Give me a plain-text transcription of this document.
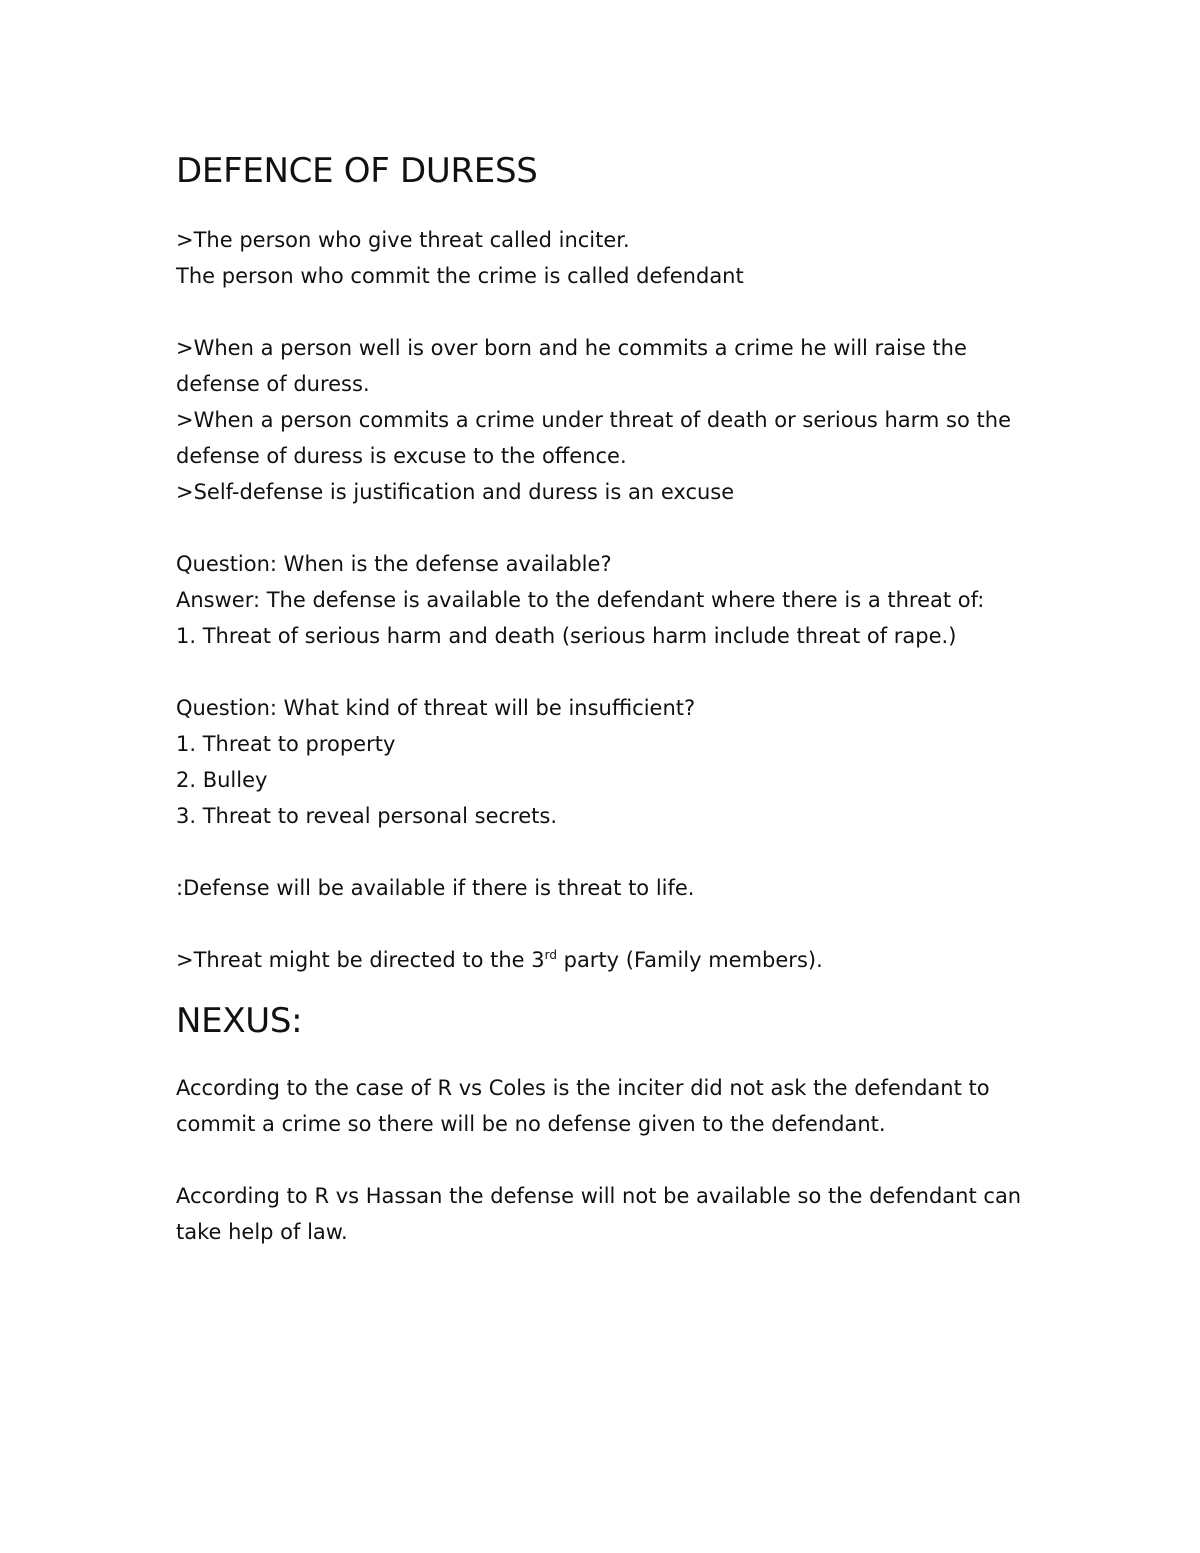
DEFENCE OF DURESS

>The person who give threat called inciter.

The person who commit the crime is called defendant

>When a person well is over born and he commits a crime he will raise the

defense of duress.

>When a person commits a crime under threat of death or serious harm so the

defense of duress is excuse to the offence.

>Self-defense is justification and duress is an excuse

Question: When is the defense available?

Answer: The defense is available to the defendant where there is a threat of:

1. Threat of serious harm and death (serious harm include threat of rape.)

Question: What kind of threat will be insufficient?

1. Threat to property

2. Bulley

3. Threat to reveal personal secrets.

:Defense will be available if there is threat to life.

>Threat might be directed to the 3rd party (Family members).

NEXUS:

According to the case of R vs Coles is the inciter did not ask the defendant to

commit a crime so there will be no defense given to the defendant.

According to R vs Hassan the defense will not be available so the defendant can

take help of law.
